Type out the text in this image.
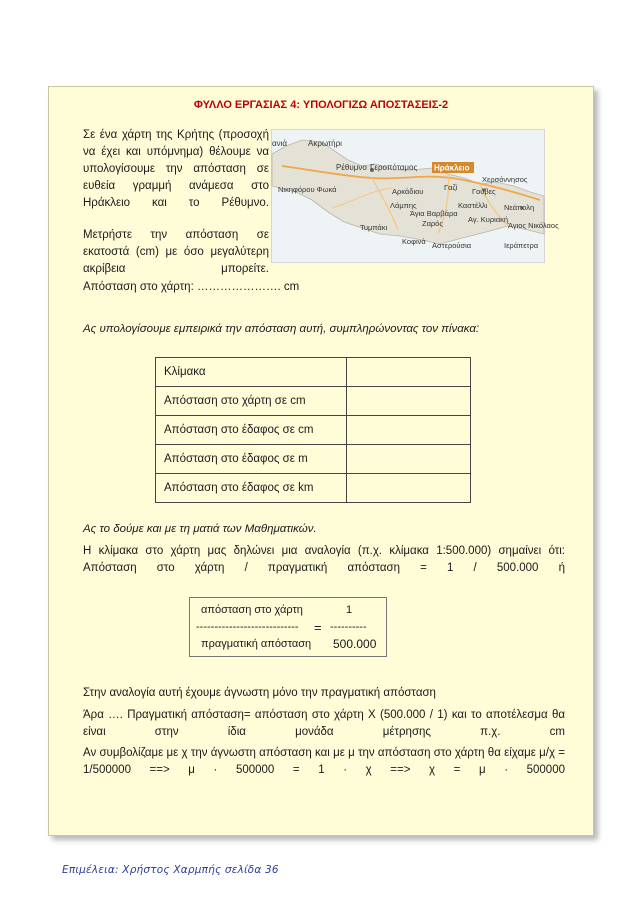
ΦΥΛΛΟ ΕΡΓΑΣΙΑΣ 4: ΥΠΟΛΟΓΙΖΩ ΑΠΟΣΤΑΣΕΙΣ-2
Σε ένα χάρτη της Κρήτης (προσοχή να έχει και υπόμνημα) θέλουμε να υπολογίσουμε την απόσταση σε ευθεία γραμμή ανάμεσα στο Ηράκλειο και το Ρέθυμνο.
Μετρήστε την απόσταση σε εκατοστά (cm) με όσο μεγαλύτερη ακρίβεια μπορείτε.
ανιά	Ακρωτήρι
Ρέθυμνο Γεροπόταμος Ηράκλειο
Νικηφόρου Φωκά	Αρκάδιου	Γαζί Γούβες
Χερσόννησος
Λάμπης
Άγια Βαρβάρα
Καστέλλι Νεάπολη
Τυμπάκι	Ζαρός	Αγ. Κυριακή
Άγιος Νικόλαος
Ιεράπετρα
Αστερούσια
Κοφινά
Απόσταση στο χάρτη: …………………. cm
Ας υπολογίσουμε εμπειρικά την απόσταση αυτή, συμπληρώνοντας τον πίνακα:
Κλίμακα	
Απόσταση στο χάρτη σε cm	
Απόσταση στο έδαφος σε cm	
Απόσταση στο έδαφος σε m	
Απόσταση στο έδαφος σε km	
Ας το δούμε και με τη ματιά των Μαθηματικών.
Η κλίμακα στο χάρτη μας δηλώνει μια αναλογία (π.χ. κλίμακα 1:500.000) σημαίνει ότι: Απόσταση στο χάρτη / πραγματική απόσταση = 1 / 500.000 ή
απόσταση στο χάρτη	1
---------------------------- = ----------
πραγματική απόσταση 500.000
Στην αναλογία αυτή έχουμε άγνωστη μόνο την πραγματική απόσταση
Άρα …. Πραγματική απόσταση= απόσταση στο χάρτη Χ (500.000 / 1) και το αποτέλεσμα θα είναι στην ίδια μονάδα μέτρησης π.χ. cm
Αν συμβολίζαμε με χ την άγνωστη απόσταση και με μ την απόσταση στο χάρτη θα είχαμε μ/χ = 1/500000 ==> μ · 500000 = 1 · χ ==> χ = μ · 500000
Επιμέλεια: Χρήστος Χαρμπής σελίδα 36
